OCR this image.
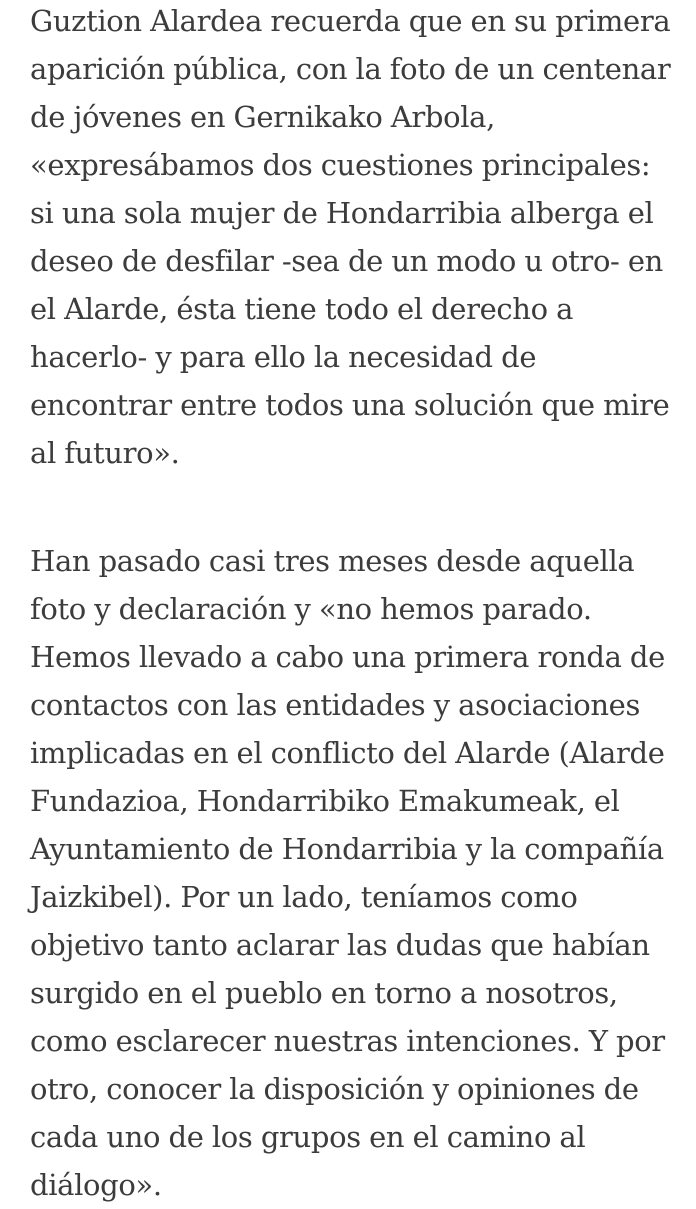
Guztion Alardea recuerda que en su primera
aparición pública, con la foto de un centenar
de jóvenes en Gernikako Arbola,
«expresábamos dos cuestiones principales:
si una sola mujer de Hondarribia alberga el
deseo de desfilar -sea de un modo u otro- en
el Alarde, ésta tiene todo el derecho a
hacerlo- y para ello la necesidad de
encontrar entre todos una solución que mire
al futuro».
Han pasado casi tres meses desde aquella
foto y declaración y «no hemos parado.
Hemos llevado a cabo una primera ronda de
contactos con las entidades y asociaciones
implicadas en el conflicto del Alarde (Alarde
Fundazioa, Hondarribiko Emakumeak, el
Ayuntamiento de Hondarribia y la compañía
Jaizkibel). Por un lado, teníamos como
objetivo tanto aclarar las dudas que habían
surgido en el pueblo en torno a nosotros,
como esclarecer nuestras intenciones. Y por
otro, conocer la disposición y opiniones de
cada uno de los grupos en el camino al
diálogo».
